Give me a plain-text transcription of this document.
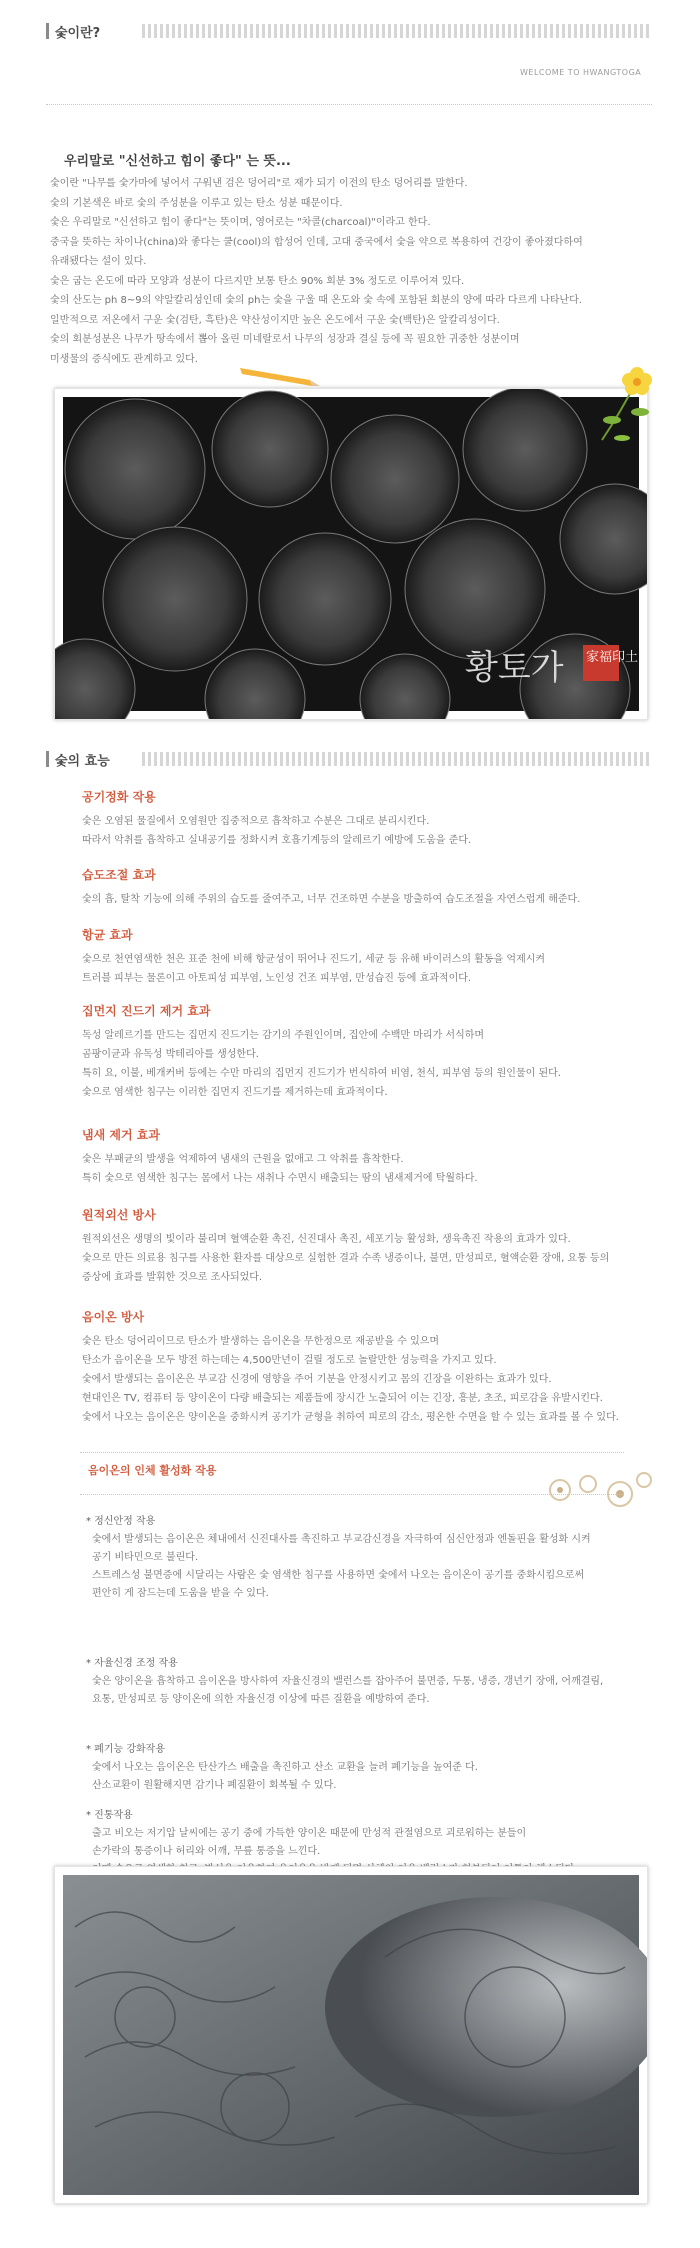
숯이란?
WELCOME TO HWANGTOGA
우리말로 "신선하고 힘이 좋다" 는 뜻...
숯이란 "나무를 숯가마에 넣어서 구워낸 검은 덩어리"로 재가 되기 이전의 탄소 덩어리를 말한다.
숯의 기본색은 바로 숯의 주성분을 이루고 있는 탄소 성분 때문이다.
숯은 우리말로 "신선하고 힘이 좋다"는 뜻이며, 영어로는 "차콜(charcoal)"이라고 한다.
중국을 뜻하는 차이나(china)와 좋다는 쿨(cool)의 합성어 인데, 고대 중국에서 숯을 약으로 복용하여 건강이 좋아졌다하여
유래됐다는 설이 있다.
숯은 굽는 온도에 따라 모양과 성분이 다르지만 보통 탄소 90% 회분 3% 정도로 이루어져 있다.
숯의 산도는 ph 8~9의 약알칼리성인데 숯의 ph는 숯을 구울 때 온도와 숯 속에 포함된 회분의 양에 따라 다르게 나타난다.
일반적으로 저온에서 구운 숯(검탄, 흑탄)은 약산성이지만 높은 온도에서 구운 숯(백탄)은 알칼리성이다.
숯의 회분성분은 나무가 땅속에서 뽑아 올린 미네랄로서 나무의 성장과 결실 등에 꼭 필요한 귀중한 성분이며
미생물의 증식에도 관계하고 있다.
황토가 家福印土
숯의 효능
공기정화 작용
숯은 오염된 물질에서 오염원만 집중적으로 흡착하고 수분은 그대로 분리시킨다.
따라서 악취를 흡착하고 실내공기를 정화시켜 호흡기계등의 알레르기 예방에 도움을 준다.
습도조절 효과
숯의 흡, 탈착 기능에 의해 주위의 습도를 줄여주고, 너무 건조하면 수분을 방출하여 습도조절을 자연스럽게 해준다.
항균 효과
숯으로 천연염색한 천은 표준 천에 비해 항균성이 뛰어나 진드기, 세균 등 유해 바이러스의 활동을 억제시켜
트러블 피부는 물론이고 아토피성 피부염, 노인성 건조 피부염, 만성습진 등에 효과적이다.
집먼지 진드기 제거 효과
독성 알레르기를 만드는 집먼지 진드기는 감기의 주원인이며, 집안에 수백만 마리가 서식하며
곰팡이균과 유독성 박테리아를 생성한다.
특히 요, 이불, 베개커버 등에는 수만 마리의 집먼지 진드기가 번식하여 비염, 천식, 피부염 등의 원인물이 된다.
숯으로 염색한 침구는 이러한 집먼지 진드기를 제거하는데 효과적이다.
냄새 제거 효과
숯은 부패균의 발생을 억제하여 냄새의 근원을 없애고 그 악취를 흡착한다.
특히 숯으로 염색한 침구는 몸에서 나는 새취나 수면시 배출되는 땀의 냄새제거에 탁월하다.
원적외선 방사
원적외선은 생명의 빛이라 불리며 혈액순환 촉진, 신진대사 촉진, 세포기능 활성화, 생육촉진 작용의 효과가 있다.
숯으로 만든 의료용 침구를 사용한 환자를 대상으로 실험한 결과 수족 냉증이나, 불면, 만성피로, 혈액순환 장애, 요통 등의
증상에 효과를 발휘한 것으로 조사되었다.
음이온 방사
숯은 탄소 덩어리이므로 탄소가 발생하는 음이온을 무한정으로 재공받을 수 있으며
탄소가 음이온을 모두 방전 하는데는 4,500만년이 걸릴 정도로 놀랄만한 성능력을 가지고 있다.
숯에서 발생되는 음이온은 부교감 신경에 영향을 주어 기분을 안정시키고 몸의 긴장을 이완하는 효과가 있다.
현대인은 TV, 컴퓨터 등 양이온이 다량 배출되는 제품들에 장시간 노출되어 이는 긴장, 흥분, 초조, 피로감을 유발시킨다.
숯에서 나오는 음이온은 양이온을 중화시켜 공기가 균형을 취하여 피로의 감소, 평온한 수면을 할 수 있는 효과를 볼 수 있다.
음이온의 인체 활성화 작용
* 정신안정 작용
숯에서 발생되는 음이온은 체내에서 신진대사를 촉진하고 부교감신경을 자극하여 심신안정과 엔돌핀을 활성화 시켜
공기 비타민으로 불린다.
스트레스성 불면증에 시달리는 사람은 숯 염색한 침구를 사용하면 숯에서 나오는 음이온이 공기를 중화시킴으로써
편안히 게 잠드는데 도움을 받을 수 있다.
* 자율신경 조정 작용
숯은 양이온을 흡착하고 음이온을 방사하여 자율신경의 밸런스를 잡아주어 불면증, 두통, 냉증, 갱년기 장애, 어깨결림,
요통, 만성피로 등 양이온에 의한 자율신경 이상에 따른 질환을 예방하여 준다.
* 폐기능 강화작용
숯에서 나오는 음이온은 탄산가스 배출을 촉진하고 산소 교환을 늘려 폐기능을 높여준 다.
산소교환이 원활해지면 감기나 폐질환이 회복될 수 있다.
* 진통작용
출고 비오는 저기압 날씨에는 공기 중에 가득한 양이온 때문에 만성적 관절염으로 괴로워하는 분들이
손가락의 통증이나 허리와 어깨, 무릎 통증을 느낀다.
